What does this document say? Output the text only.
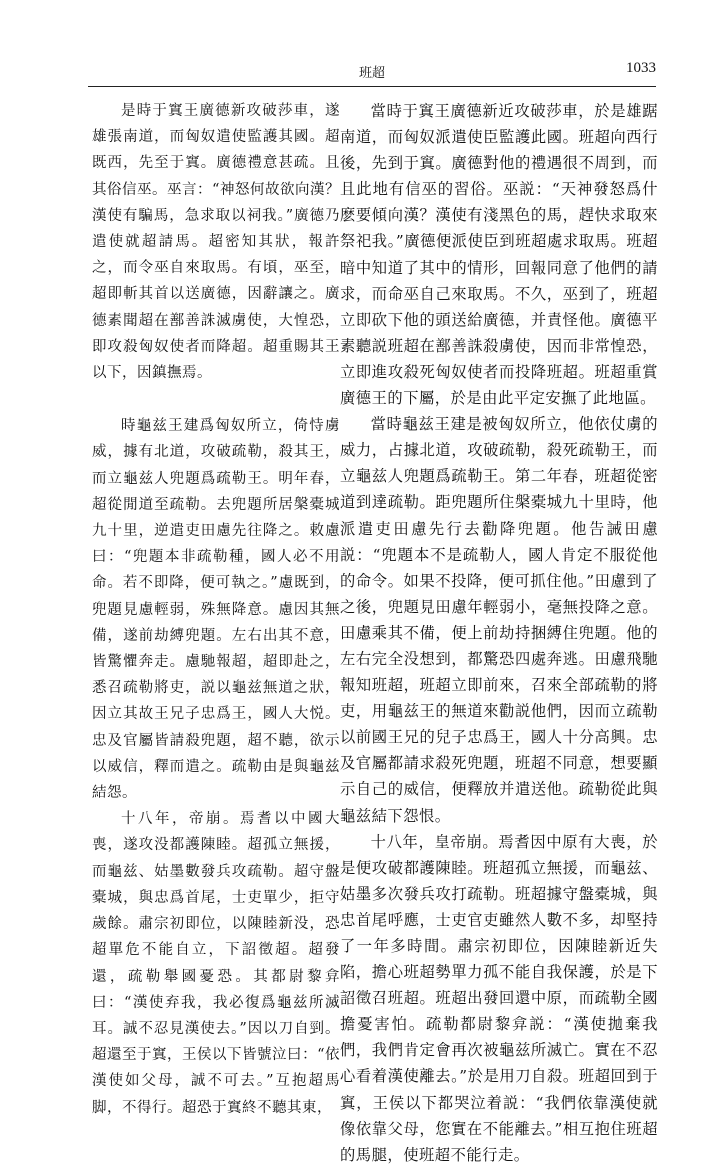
班超	1033

是時于窴王廣德新攻破莎車，遂雄張南道，而匈奴遣使監護其國。超既西，先至于窴。廣德禮意甚疏。且其俗信巫。巫言：“神怒何故欲向漢？漢使有騙馬，急求取以祠我。”廣德乃遣使就超請馬。超密知其狀，報許之，而令巫自來取馬。有頃，巫至，超即斬其首以送廣德，因辭讓之。廣德素聞超在鄯善誅滅虜使，大惶恐，即攻殺匈奴使者而降超。超重賜其王以下，因鎮撫焉。

時龜兹王建爲匈奴所立，倚恃虜威，據有北道，攻破疏勒，殺其王，而立龜兹人兜題爲疏勒王。明年春，超從閒道至疏勒。去兜題所居槃橐城九十里，逆遣吏田慮先往降之。敕慮曰：“兜題本非疏勒種，國人必不用命。若不即降，便可執之。”慮既到，兜題見慮輕弱，殊無降意。慮因其無備，遂前劫縛兜題。左右出其不意，皆驚懼奔走。慮馳報超，超即赴之，悉召疏勒將吏，説以龜兹無道之狀，因立其故王兄子忠爲王，國人大悦。忠及官屬皆請殺兜題，超不聽，欲示以威信，釋而遣之。疏勒由是與龜兹結怨。

十八年，帝崩。焉耆以中國大喪，遂攻没都護陳睦。超孤立無援，而龜兹、姑墨數發兵攻疏勒。超守盤橐城，與忠爲首尾，士吏單少，拒守歲餘。肅宗初即位，以陳睦新没，恐超單危不能自立，下詔徵超。超發還，疏勒舉國憂恐。其都尉黎弇曰：“漢使弃我，我必復爲龜兹所滅耳。誠不忍見漢使去。”因以刀自剄。超還至于窴，王侯以下皆號泣曰：“依漢使如父母，誠不可去。”互抱超馬脚，不得行。超恐于窴終不聽其東，

當時于窴王廣德新近攻破莎車，於是雄踞南道，而匈奴派遣使臣監護此國。班超向西行後，先到于窴。廣德對他的禮遇很不周到，而且此地有信巫的習俗。巫説：“天神發怒爲什麽要傾向漢？漢使有淺黑色的馬，趕快求取來祭祀我。”廣德便派使臣到班超處求取馬。班超暗中知道了其中的情形，回報同意了他們的請求，而命巫自己來取馬。不久，巫到了，班超立即砍下他的頭送給廣德，并責怪他。廣德平素聽説班超在鄯善誅殺虜使，因而非常惶恐，立即進攻殺死匈奴使者而投降班超。班超重賞廣德王的下屬，於是由此平定安撫了此地區。

當時龜兹王建是被匈奴所立，他依仗虜的威力，占據北道，攻破疏勒，殺死疏勒王，而立龜兹人兜題爲疏勒王。第二年春，班超從密道到達疏勒。距兜題所住槃橐城九十里時，他派遣吏田慮先行去勸降兜題。他告誡田慮説：“兜題本不是疏勒人，國人肯定不服從他的命令。如果不投降，便可抓住他。”田慮到了之後，兜題見田慮年輕弱小，毫無投降之意。田慮乘其不備，便上前劫持捆縛住兜題。他的左右完全没想到，都驚恐四處奔逃。田慮飛馳報知班超，班超立即前來，召來全部疏勒的將吏，用龜兹王的無道來勸説他們，因而立疏勒以前國王兄的兒子忠爲王，國人十分高興。忠及官屬都請求殺死兜題，班超不同意，想要顯示自己的威信，便釋放并遣送他。疏勒從此與龜兹結下怨恨。

十八年，皇帝崩。焉耆因中原有大喪，於是便攻破都護陳睦。班超孤立無援，而龜兹、姑墨多次發兵攻打疏勒。班超據守盤橐城，與忠首尾呼應，士吏官吏雖然人數不多，却堅持了一年多時間。肅宗初即位，因陳睦新近失陷，擔心班超勢單力孤不能自我保護，於是下詔徵召班超。班超出發回還中原，而疏勒全國擔憂害怕。疏勒都尉黎弇説：“漢使拋棄我們，我們肯定會再次被龜兹所滅亡。實在不忍心看着漢使離去。”於是用刀自殺。班超回到于窴，王侯以下都哭泣着説：“我們依靠漢使就像依靠父母，您實在不能離去。”相互抱住班超的馬腿，使班超不能行走。
